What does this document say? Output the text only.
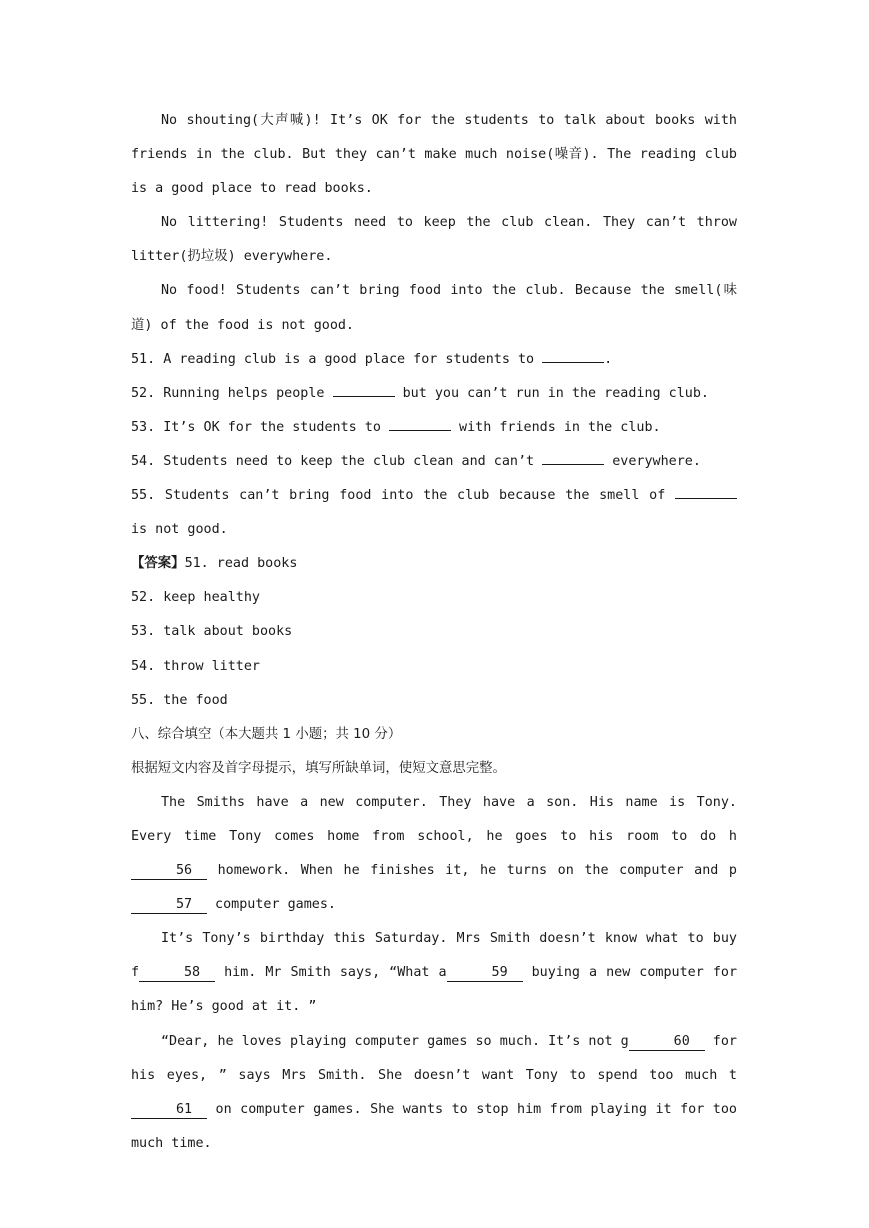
No shouting(大声喊)! It’s OK for the students to talk about books with friends in the club. But they can’t make much noise(噪音). The reading club is a good place to read books.

No littering! Students need to keep the club clean. They can’t throw litter(扔垃圾) everywhere.

No food! Students can’t bring food into the club. Because the smell(味道) of the food is not good.

51. A reading club is a good place for students to	.

52. Running helps people	but you can’t run in the reading club.

53. It’s OK for the students to	with friends in the club.

54. Students need to keep the club clean and can’t	everywhere.

55. Students can’t bring food into the club because the smell of  is not good.

【答案】51. read books

52. keep healthy

53. talk about books

54. throw litter

55. the food

八、综合填空（本大题共 1 小题；共 10 分）

根据短文内容及首字母提示，填写所缺单词，使短文意思完整。

The Smiths have a new computer. They have a son. His name is Tony. Every time Tony comes home from school, he goes to his room to do h56 homework. When he finishes it, he turns on the computer and p57 computer games.

It’s Tony’s birthday this Saturday. Mrs Smith doesn’t know what to buy f	58 him. Mr Smith says, “What a	59 buying a new computer for him? He’s good at it. ”

“Dear, he loves playing computer games so much. It’s not g	60 for his eyes, ” says Mrs Smith. She doesn’t want Tony to spend too much t61 on computer games. She wants to stop him from playing it for too much time.
